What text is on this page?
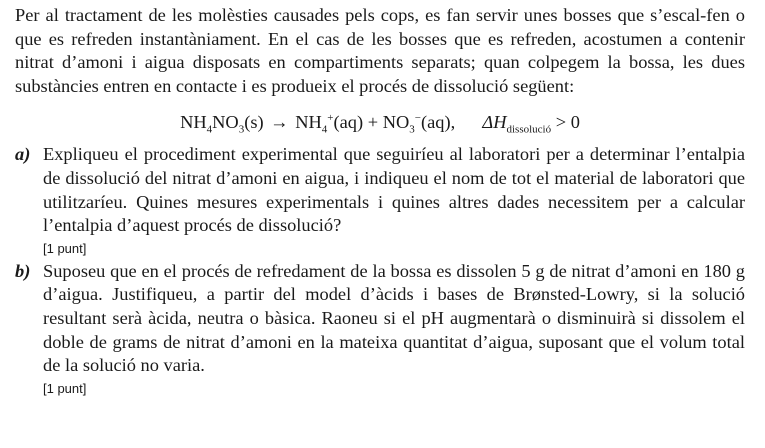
Per al tractament de les molèsties causades pels cops, es fan servir unes bosses que s’escal-fen o que es refreden instantàniament. En el cas de les bosses que es refreden, acostumen a contenir nitrat d’amoni i aigua disposats en compartiments separats; quan colpegem la bossa, les dues substàncies entren en contacte i es produeix el procés de dissolució següent:

$NH_4NO_3(s) \to NH_4^+(aq) + NO_3^-(aq)$, $\Delta H_{dissolució} > 0$
a) Expliqueu el procediment experimental que seguiríeu al laboratori per a determinar l’entalpia de dissolució del nitrat d’amoni en aigua, i indiqueu el nom de tot el material de laboratori que utilitzaríeu. Quines mesures experimentals i quines altres dades necessitem per a calcular l’entalpia d’aquest procés de dissolució?

[1 punt]
b) Suposeu que en el procés de refredament de la bossa es dissolen 5 g de nitrat d’amoni en 180 g d’aigua. Justifiqueu, a partir del model d’àcids i bases de Brønsted-Lowry, si la solució resultant serà àcida, neutra o bàsica. Raoneu si el pH augmentarà o disminuirà si dissolem el doble de grams de nitrat d’amoni en la mateixa quantitat d’aigua, suposant que el volum total de la solució no varia.

[1 punt]
